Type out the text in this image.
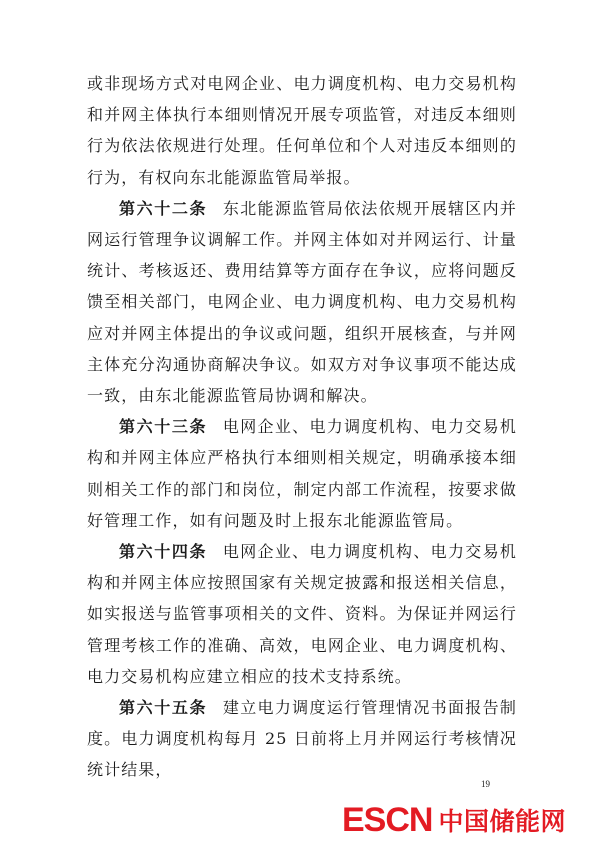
或非现场方式对电网企业、电力调度机构、电力交易机构和并网主体执行本细则情况开展专项监管，对违反本细则行为依法依规进行处理。任何单位和个人对违反本细则的行为，有权向东北能源监管局举报。

第六十二条  东北能源监管局依法依规开展辖区内并网运行管理争议调解工作。并网主体如对并网运行、计量统计、考核返还、费用结算等方面存在争议，应将问题反馈至相关部门，电网企业、电力调度机构、电力交易机构应对并网主体提出的争议或问题，组织开展核查，与并网主体充分沟通协商解决争议。如双方对争议事项不能达成一致，由东北能源监管局协调和解决。

第六十三条  电网企业、电力调度机构、电力交易机构和并网主体应严格执行本细则相关规定，明确承接本细则相关工作的部门和岗位，制定内部工作流程，按要求做好管理工作，如有问题及时上报东北能源监管局。

第六十四条  电网企业、电力调度机构、电力交易机构和并网主体应按照国家有关规定披露和报送相关信息，如实报送与监管事项相关的文件、资料。为保证并网运行管理考核工作的准确、高效，电网企业、电力调度机构、电力交易机构应建立相应的技术支持系统。

第六十五条  建立电力调度运行管理情况书面报告制度。电力调度机构每月 25 日前将上月并网运行考核情况统计结果，

19
ESCN 中国储能网
